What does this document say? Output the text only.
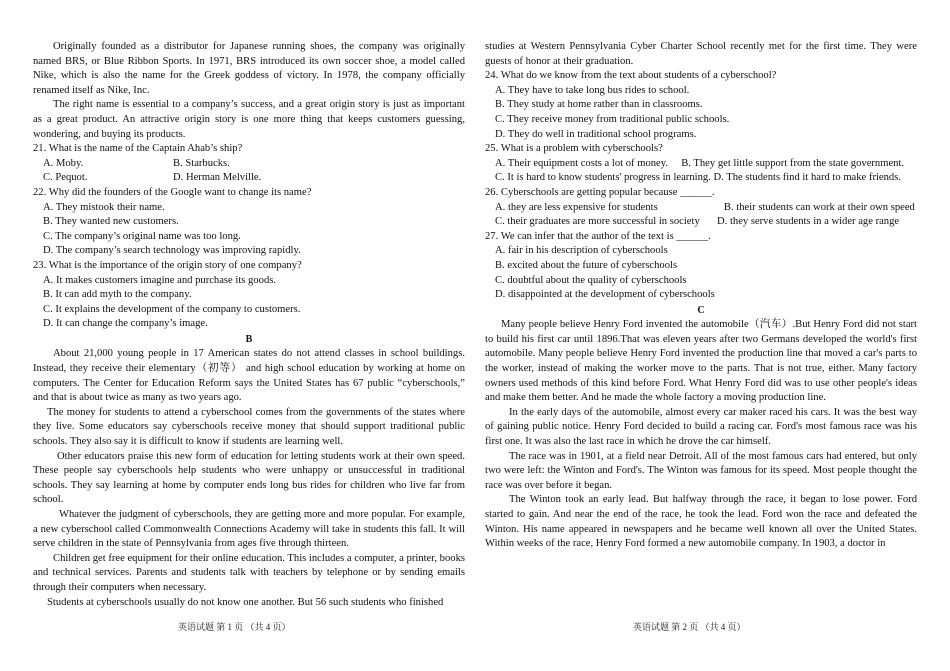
Originally founded as a distributor for Japanese running shoes, the company was originally named BRS, or Blue Ribbon Sports. In 1971, BRS introduced its own soccer shoe, a model called Nike, which is also the name for the Greek goddess of victory. In 1978, the company officially renamed itself as Nike, Inc.

The right name is essential to a company’s success, and a great origin story is just as important as a great product. An attractive origin story is one more thing that keeps customers guessing, wondering, and buying its products.

21. What is the name of the Captain Ahab’s ship?

A. Moby.	B. Starbucks.
C. Pequot.	D. Herman Melville.

22. Why did the founders of the Google want to change its name?

A. They mistook their name.

B. They wanted new customers.

C. The company’s original name was too long.

D. The company’s search technology was improving rapidly.

23. What is the importance of the origin story of one company?

A. It makes customers imagine and purchase its goods.

B. It can add myth to the company.

C. It explains the development of the company to customers.

D. It can change the company’s image.

B

About 21,000 young people in 17 American states do not attend classes in school buildings. Instead, they receive their elementary（初等） and high school education by working at home on computers. The Center for Education Reform says the United States has 67 public “cyberschools,” and that is about twice as many as two years ago.

The money for students to attend a cyberschool comes from the governments of the states where they live. Some educators say cyberschools receive money that should support traditional public schools. They also say it is difficult to know if students are learning well.

Other educators praise this new form of education for letting students work at their own speed. These people say cyberschools help students who were unhappy or unsuccessful in traditional schools. They say learning at home by computer ends long bus rides for children who live far from school.

Whatever the judgment of cyberschools, they are getting more and more popular. For example, a new cyberschool called Commonwealth Connections Academy will take in students this fall. It will serve children in the state of Pennsylvania from ages five through thirteen.

Children get free equipment for their online education. This includes a computer, a printer, books and technical services. Parents and students talk with teachers by telephone or by sending emails through their computers when necessary.

Students at cyberschools usually do not know one another. But 56 such students who finished

studies at Western Pennsylvania Cyber Charter School recently met for the first time. They were guests of honor at their graduation.

24. What do we know from the text about students of a cyberschool?

A. They have to take long bus rides to school.

B. They study at home rather than in classrooms.

C. They receive money from traditional public schools.

D. They do well in traditional school programs.

25. What is a problem with cyberschools?

A. Their equipment costs a lot of money.     B. They get little support from the state government.

C. It is hard to know students' progress in learning. D. The students find it hard to make friends.

26. Cyberschools are getting popular because ______.

A. they are less expensive for students                         B. their students can work at their own speed

C. their graduates are more successful in society	D. they serve students in a wider age range

27. We can infer that the author of the text is ______.

A. fair in his description of cyberschools

B. excited about the future of cyberschools

C. doubtful about the quality of cyberschools

D. disappointed at the development of cyberschools

C

Many people believe Henry Ford invented the automobile（汽车）.But Henry Ford did not start to build his first car until 1896.That was eleven years after two Germans developed the world's first automobile. Many people believe Henry Ford invented the production line that moved a car's parts to the worker, instead of making the worker move to the parts. That is not true, either. Many factory owners used methods of this kind before Ford. What Henry Ford did was to use other people's ideas and make them better. And he made the whole factory a moving production line.

In the early days of the automobile, almost every car maker raced his cars. It was the best way of gaining public notice. Henry Ford decided to build a racing car. Ford's most famous race was his first one. It was also the last race in which he drove the car himself.

The race was in 1901, at a field near Detroit. All of the most famous cars had entered, but only two were left: the Winton and Ford's. The Winton was famous for its speed. Most people thought the race was over before it began.

The Winton took an early lead. But halfway through the race, it began to lose power. Ford started to gain. And near the end of the race, he took the lead. Ford won the race and defeated the Winton. His name appeared in newspapers and he became well known all over the United States. Within weeks of the race, Henry Ford formed a new automobile company. In 1903, a doctor in

英语试题 第 1 页 （共 4 页）	英语试题 第 2 页 （共 4 页）
